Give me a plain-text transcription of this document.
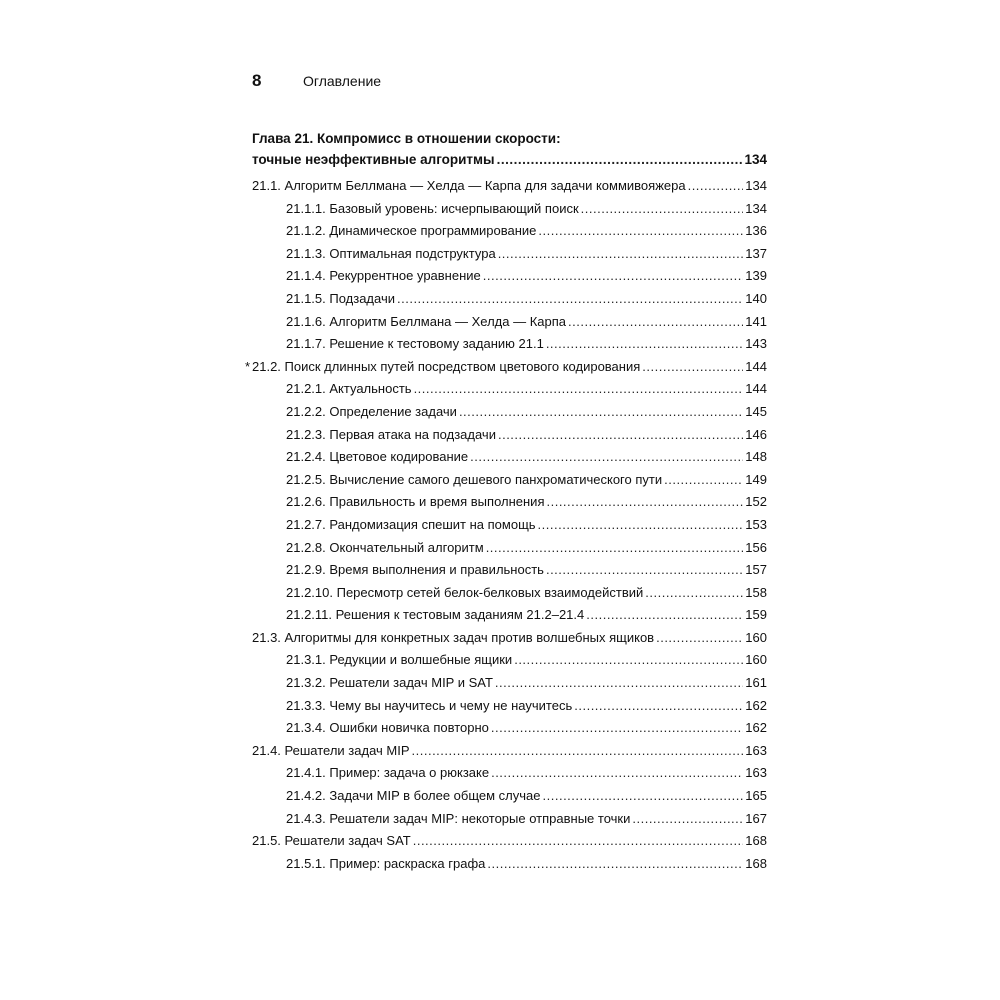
8	Оглавление
Глава 21. Компромисс в отношении скорости:
точные неэффективные алгоритмы .....	134
21.1. Алгоритм Беллмана — Хелда — Карпа для задачи коммивояжера .....	134
21.1.1. Базовый уровень: исчерпывающий поиск .....	134
21.1.2. Динамическое программирование .....	136
21.1.3. Оптимальная подструктура .....	137
21.1.4. Рекуррентное уравнение .....	139
21.1.5. Подзадачи .....	140
21.1.6. Алгоритм Беллмана — Хелда — Карпа .....	141
21.1.7. Решение к тестовому заданию 21.1 .....	143
* 21.2. Поиск длинных путей посредством цветового кодирования .....	144
21.2.1. Актуальность .....	144
21.2.2. Определение задачи .....	145
21.2.3. Первая атака на подзадачи .....	146
21.2.4. Цветовое кодирование .....	148
21.2.5. Вычисление самого дешевого панхроматического пути .....	149
21.2.6. Правильность и время выполнения .....	152
21.2.7. Рандомизация спешит на помощь .....	153
21.2.8. Окончательный алгоритм .....	156
21.2.9. Время выполнения и правильность .....	157
21.2.10. Пересмотр сетей белок-белковых взаимодействий .....	158
21.2.11. Решения к тестовым заданиям 21.2–21.4 .....	159
21.3. Алгоритмы для конкретных задач против волшебных ящиков .....	160
21.3.1. Редукции и волшебные ящики .....	160
21.3.2. Решатели задач MIP и SAT .....	161
21.3.3. Чему вы научитесь и чему не научитесь .....	162
21.3.4. Ошибки новичка повторно .....	162
21.4. Решатели задач MIP .....	163
21.4.1. Пример: задача о рюкзаке .....	163
21.4.2. Задачи MIP в более общем случае .....	165
21.4.3. Решатели задач MIP: некоторые отправные точки .....	167
21.5. Решатели задач SAT .....	168
21.5.1. Пример: раскраска графа .....	168
